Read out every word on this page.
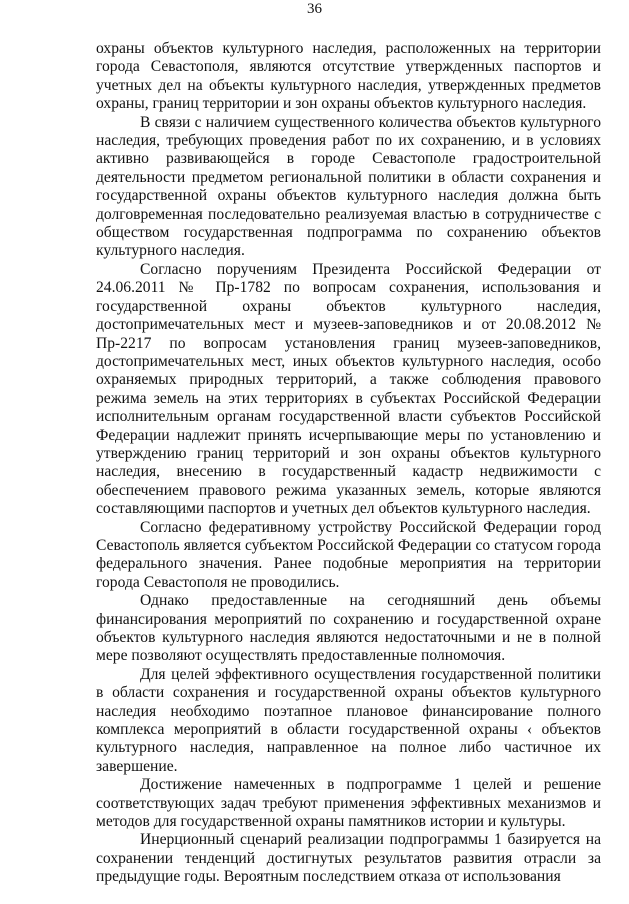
36

охраны объектов культурного наследия, расположенных на территории города Севастополя, являются отсутствие утвержденных паспортов и учетных дел на объекты культурного наследия, утвержденных предметов охраны, границ территории и зон охраны объектов культурного наследия.

В связи с наличием существенного количества объектов культурного наследия, требующих проведения работ по их сохранению, и в условиях активно развивающейся в городе Севастополе градостроительной деятельности предметом региональной политики в области сохранения и государственной охраны объектов культурного наследия должна быть долговременная последовательно реализуемая властью в сотрудничестве с обществом государственная подпрограмма по сохранению объектов культурного наследия.

Согласно поручениям Президента Российской Федерации от 24.06.2011 № Пр-1782 по вопросам сохранения, использования и государственной охраны объектов культурного наследия, достопримечательных мест и музеев-заповедников и от 20.08.2012 № Пр-2217 по вопросам установления границ музеев-заповедников, достопримечательных мест, иных объектов культурного наследия, особо охраняемых природных территорий, а также соблюдения правового режима земель на этих территориях в субъектах Российской Федерации исполнительным органам государственной власти субъектов Российской Федерации надлежит принять исчерпывающие меры по установлению и утверждению границ территорий и зон охраны объектов культурного наследия, внесению в государственный кадастр недвижимости с обеспечением правового режима указанных земель, которые являются составляющими паспортов и учетных дел объектов культурного наследия.

Согласно федеративному устройству Российской Федерации город Севастополь является субъектом Российской Федерации со статусом города федерального значения. Ранее подобные мероприятия на территории города Севастополя не проводились.

Однако предоставленные на сегодняшний день объемы финансирования мероприятий по сохранению и государственной охране объектов культурного наследия являются недостаточными и не в полной мере позволяют осуществлять предоставленные полномочия.

Для целей эффективного осуществления государственной политики в области сохранения и государственной охраны объектов культурного наследия необходимо поэтапное плановое финансирование полного комплекса мероприятий в области государственной охраны ‹ объектов культурного наследия, направленное на полное либо частичное их завершение.

Достижение намеченных в подпрограмме 1 целей и решение соответствующих задач требуют применения эффективных механизмов и методов для государственной охраны памятников истории и культуры.

Инерционный сценарий реализации подпрограммы 1 базируется на сохранении тенденций достигнутых результатов развития отрасли за предыдущие годы. Вероятным последствием отказа от использования
